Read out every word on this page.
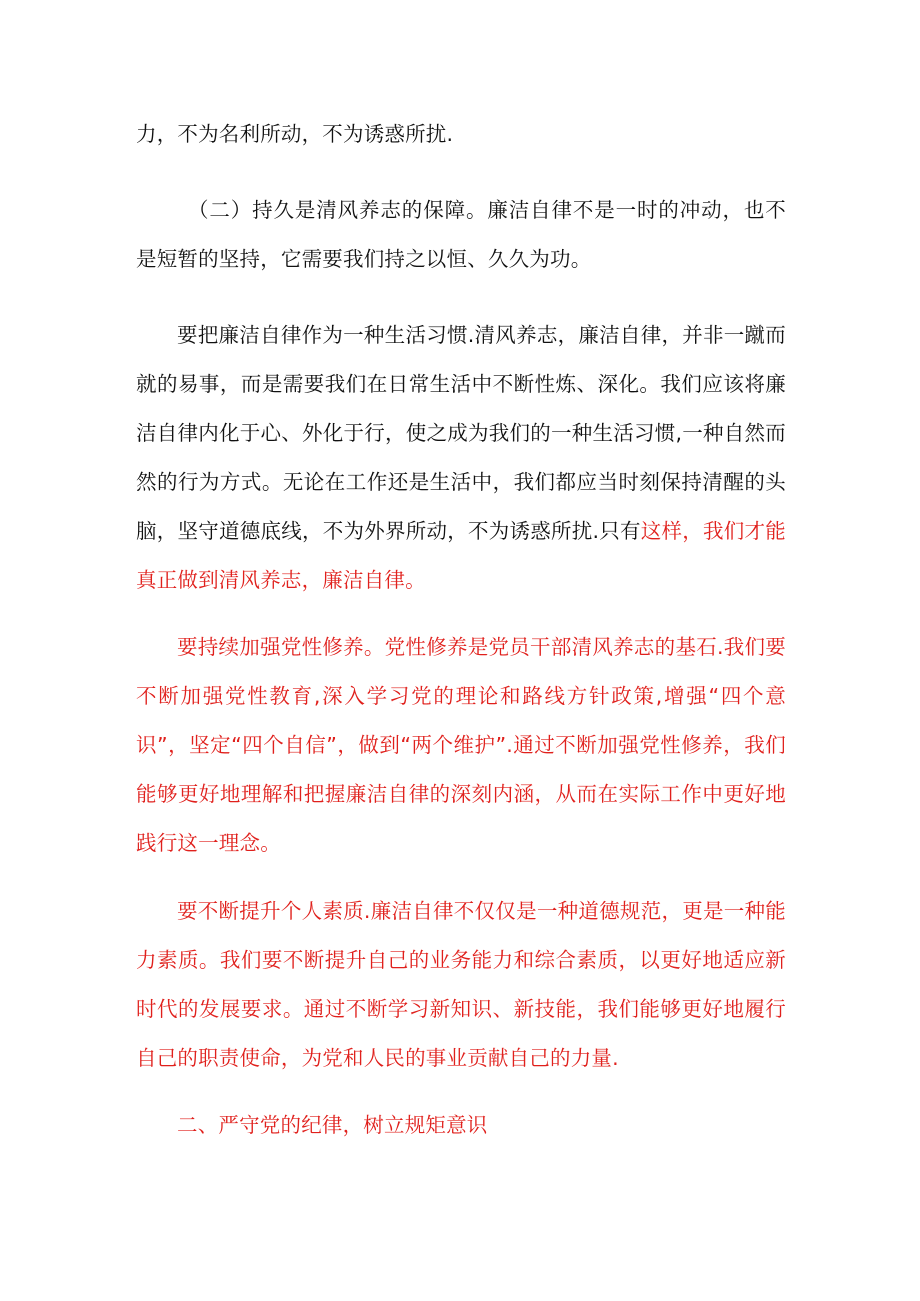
力，不为名利所动，不为诱惑所扰.

（二）持久是清风养志的保障。廉洁自律不是一时的冲动，也不是短暂的坚持，它需要我们持之以恒、久久为功。

要把廉洁自律作为一种生活习惯.清风养志，廉洁自律，并非一蹴而就的易事，而是需要我们在日常生活中不断性炼、深化。我们应该将廉洁自律内化于心、外化于行，使之成为我们的一种生活习惯,一种自然而然的行为方式。无论在工作还是生活中，我们都应当时刻保持清醒的头脑，坚守道德底线，不为外界所动，不为诱惑所扰.只有这样，我们才能真正做到清风养志，廉洁自律。

要持续加强党性修养。党性修养是党员干部清风养志的基石.我们要不断加强党性教育,深入学习党的理论和路线方针政策,增强“四个意识”，坚定“四个自信”，做到“两个维护”.通过不断加强党性修养，我们能够更好地理解和把握廉洁自律的深刻内涵，从而在实际工作中更好地践行这一理念。

要不断提升个人素质.廉洁自律不仅仅是一种道德规范，更是一种能力素质。我们要不断提升自己的业务能力和综合素质，以更好地适应新时代的发展要求。通过不断学习新知识、新技能，我们能够更好地履行自己的职责使命，为党和人民的事业贡献自己的力量.

二、严守党的纪律，树立规矩意识
